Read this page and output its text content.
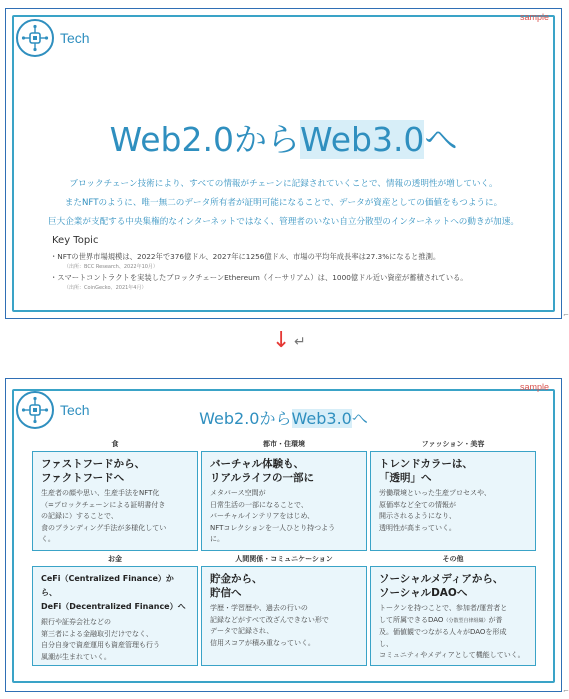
sample
Tech
Web2.0からWeb3.0へ
ブロックチェーン技術により、すべての情報がチェーンに記録されていくことで、情報の透明性が増していく。
またNFTのように、唯一無二のデータ所有者が証明可能になることで、データが資産としての価値をもつように。
巨大企業が支配する中央集権的なインターネットではなく、管理者のいない自立分散型のインターネットへの動きが加速。
Key Topic
・NFTの世界市場規模は、2022年で376億ドル、2027年に1256億ドル、市場の平均年成長率は27.3%になると推測。
（出所：BCC Research、2022年10月）
・スマートコントラクトを実装したブロックチェーンEthereum（イーサリアム）は、1000億ドル近い資産が蓄積されている。
（出所：CoinGecko、2021年4月）
⌐
↓ ↵
sample
Tech	Web2.0からWeb3.0へ
食	都市・住環境	ファッション・美容
ファストフードから、
ファクトフードへ
生産者の顔や思い、生産手法をNFT化
（=ブロックチェーンによる証明書付き
の記録に）することで、
食のブランディング手法が多様化してい
く。
バーチャル体験も、
リアルライフの一部に
メタバース空間が
日常生活の一部になることで、
バーチャルインテリアをはじめ、
NFTコレクションを一人ひとり持つよう
に。
トレンドカラーは、
「透明」へ
労働環境といった生産プロセスや、
原価率など全ての情報が
開示されるようになり、
透明性が高まっていく。
お金	人間関係・コミュニケーション	その他
CeFi（Centralized Finance）から、
DeFi（Decentralized Finance）へ
銀行や証券会社などの
第三者による金融取引だけでなく、
自分自身で資産運用も資産管理も行う
風潮が生まれていく。
貯金から、
貯信へ
学歴・学習歴や、過去の行いの
記録などがすべて改ざんできない形で
データで記録され、
信用スコアが積み重なっていく。
ソーシャルメディアから、
ソーシャルDAOへ
トークンを持つことで、参加者/運営者と
して所属できるDAO（分散型自律組織）が普
及。価値観でつながる人々がDAOを形成
し、
コミュニティやメディアとして機能していく。
⌐
